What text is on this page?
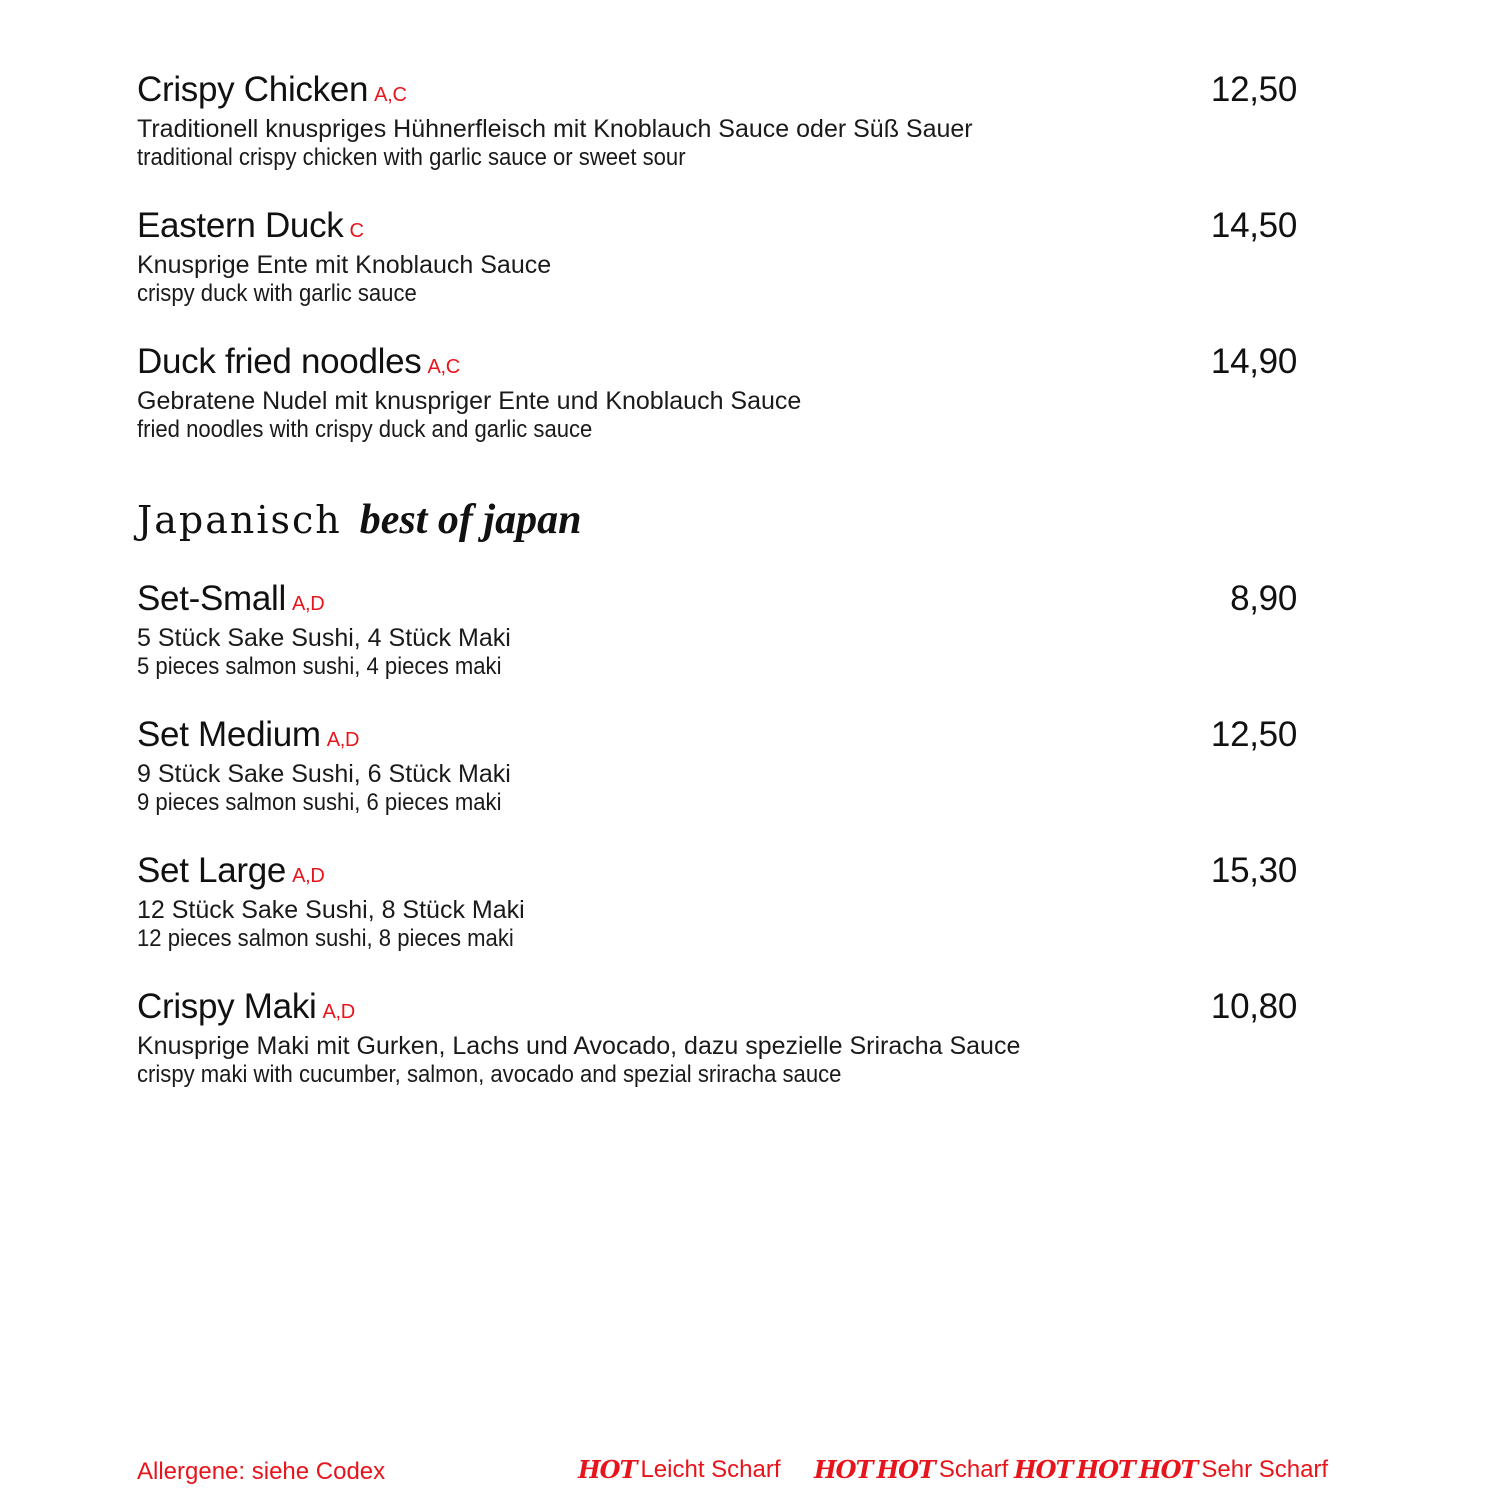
Crispy Chicken A,C	12,50
Traditionell knuspriges Hühnerfleisch mit Knoblauch Sauce oder Süß Sauer
traditional crispy chicken with garlic sauce or sweet sour
Eastern Duck C	14,50
Knusprige Ente mit Knoblauch Sauce
crispy duck with garlic sauce
Duck fried noodles A,C	14,90
Gebratene Nudel mit knuspriger Ente und Knoblauch Sauce
fried noodles with crispy duck and garlic sauce
Japanisch best of japan
Set-Small A,D	8,90
5 Stück Sake Sushi, 4 Stück Maki
5 pieces salmon sushi, 4 pieces maki
Set Medium A,D	12,50
9 Stück Sake Sushi, 6 Stück Maki
9 pieces salmon sushi, 6 pieces maki
Set Large A,D	15,30
12 Stück Sake Sushi, 8 Stück Maki
12 pieces salmon sushi, 8 pieces maki
Crispy Maki A,D	10,80
Knusprige Maki mit Gurken, Lachs und Avocado, dazu spezielle Sriracha Sauce
crispy maki with cucumber, salmon, avocado and spezial sriracha sauce
Allergene: siehe Codex	HOT Leicht Scharf HOT HOT Scharf HOT HOT HOT Sehr Scharf
